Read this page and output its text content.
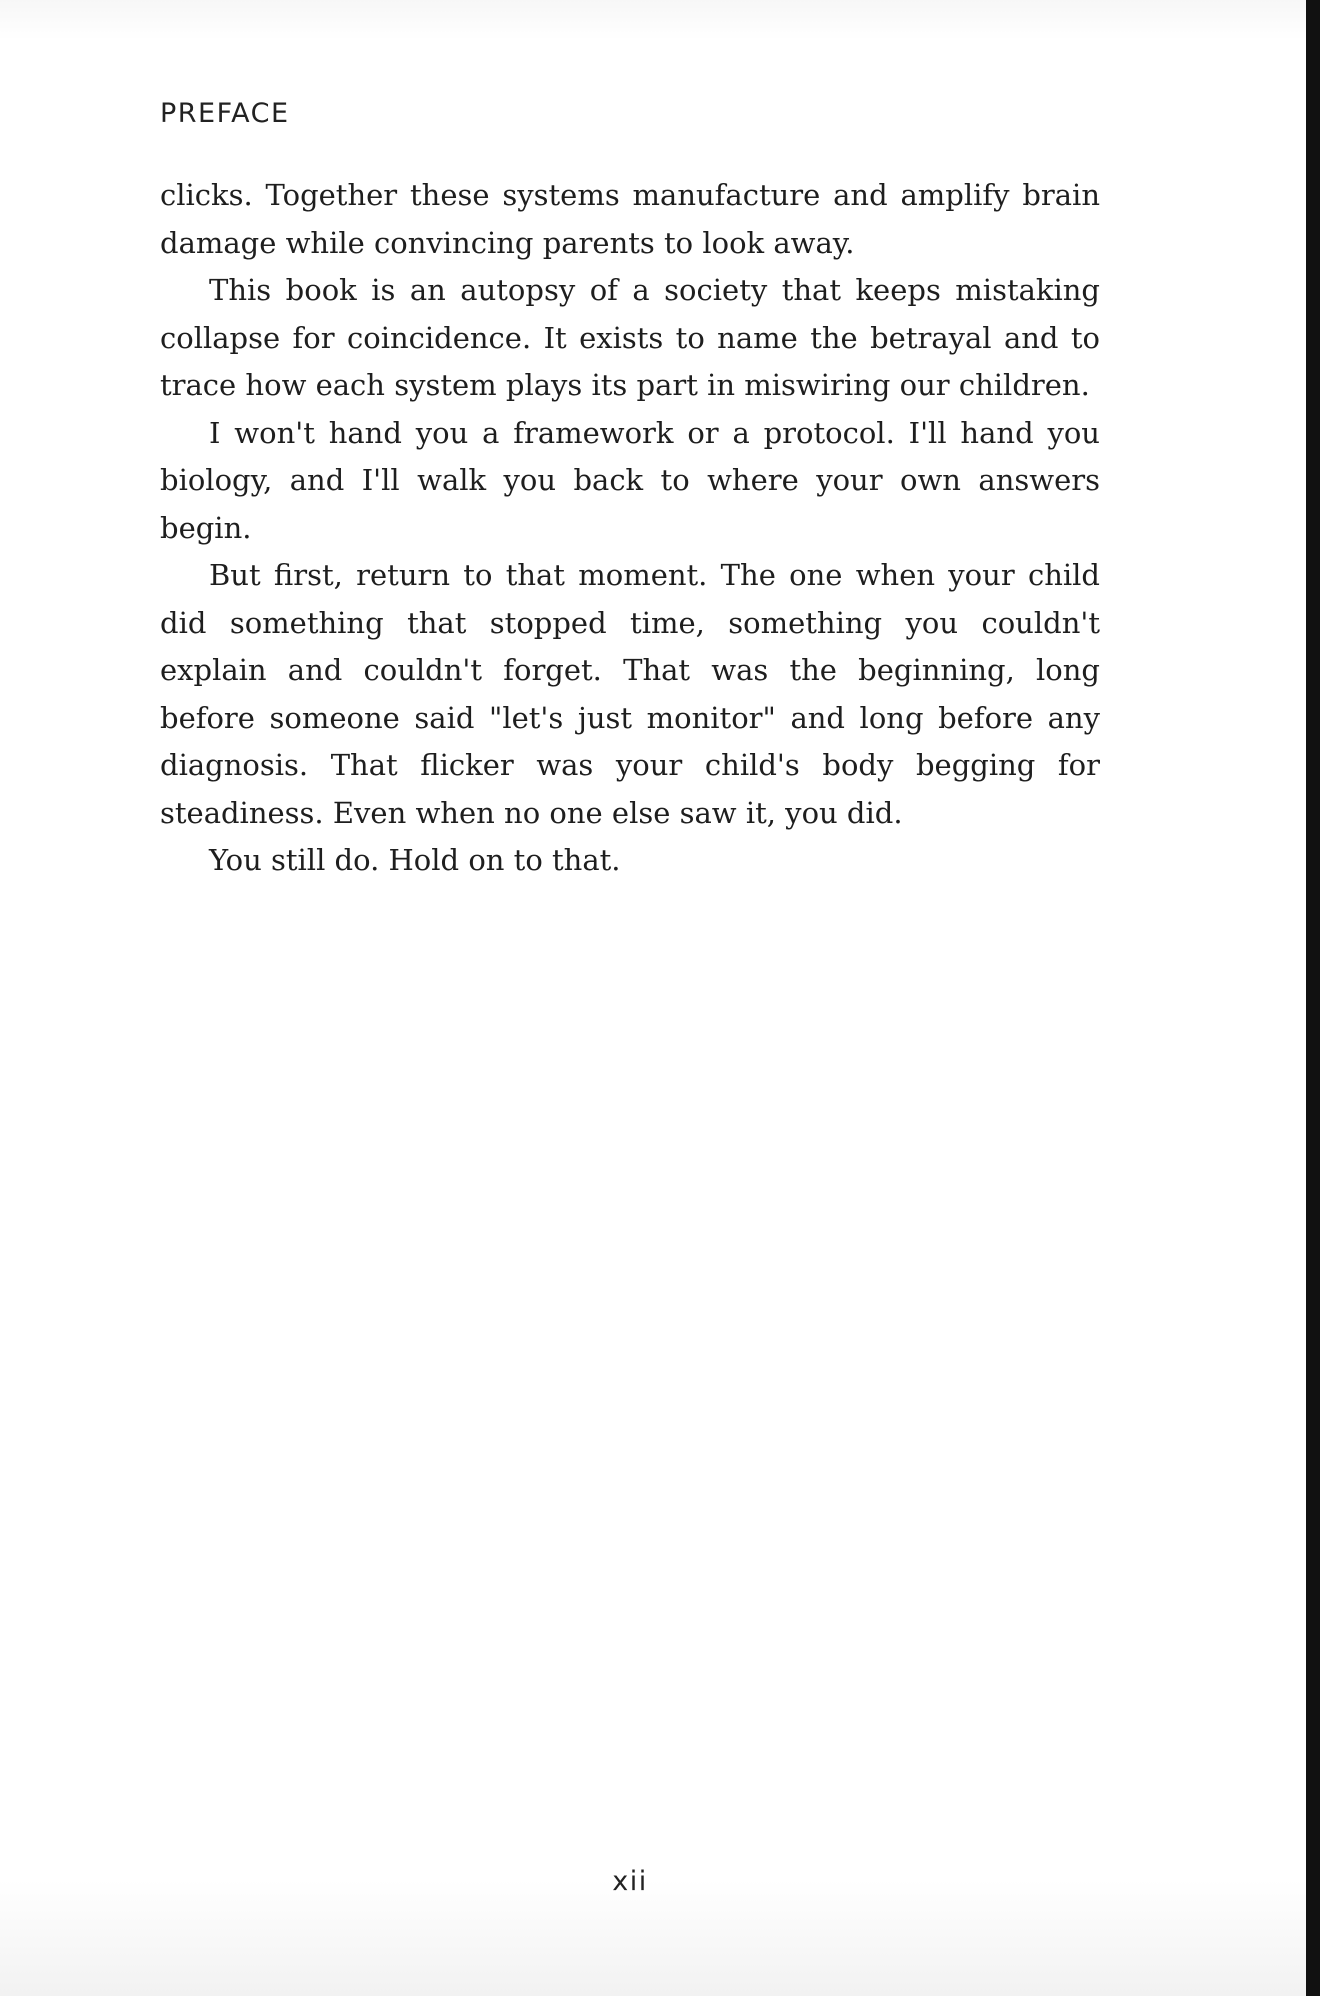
PREFACE

clicks. Together these systems manufacture and amplify brain damage while convincing parents to look away.

This book is an autopsy of a society that keeps mistaking collapse for coincidence. It exists to name the betrayal and to trace how each system plays its part in miswiring our children.

I won't hand you a framework or a protocol. I'll hand you biology, and I'll walk you back to where your own answers begin.

But first, return to that moment. The one when your child did something that stopped time, something you couldn't explain and couldn't forget. That was the beginning, long before someone said "let's just monitor" and long before any diagnosis. That flicker was your child's body begging for steadiness. Even when no one else saw it, you did.

You still do. Hold on to that.

xii
